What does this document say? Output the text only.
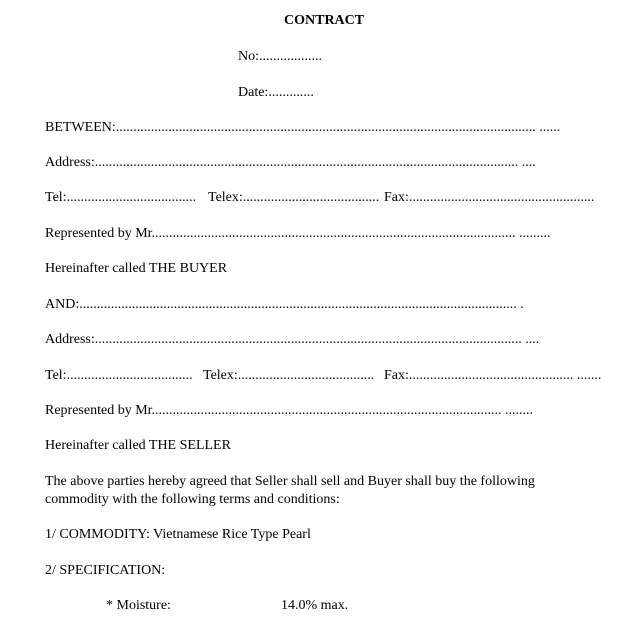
CONTRACT
No:..................
Date:.............
BETWEEN:........................................................................................................................ ......
Address:......................................................................................................................... ....
Tel:..................................... Telex:....................................... Fax:.....................................................
Represented by Mr........................................................................................................ .........
Hereinafter called THE BUYER
AND:............................................................................................................................. .
Address:.......................................................................................................................... ....
Tel:.................................... Telex:....................................... Fax:............................................... .......
Represented by Mr.................................................................................................... ........
Hereinafter called THE SELLER
The above parties hereby agreed that Seller shall sell and Buyer shall buy the following
commodity with the following terms and conditions:
1/ COMMODITY: Vietnamese Rice Type Pearl
2/ SPECIFICATION:
* Moisture:	14.0% max.
